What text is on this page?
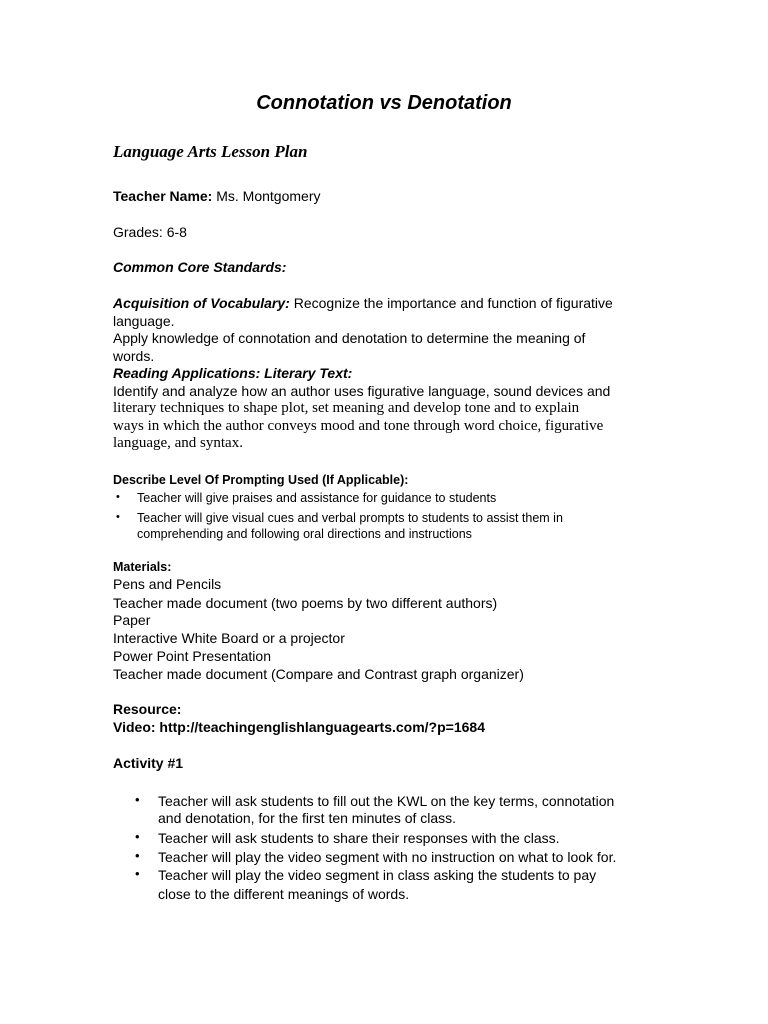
Connotation vs Denotation
Language Arts Lesson Plan
Teacher Name: Ms. Montgomery
Grades: 6-8
Common Core Standards:
Acquisition of Vocabulary: Recognize the importance and function of figurative
language.
Apply knowledge of connotation and denotation to determine the meaning of
words.
Reading Applications: Literary Text:
Identify and analyze how an author uses figurative language, sound devices and
literary techniques to shape plot, set meaning and develop tone and to explain
ways in which the author conveys mood and tone through word choice, figurative
language, and syntax.
Describe Level Of Prompting Used (If Applicable):
• Teacher will give praises and assistance for guidance to students
• Teacher will give visual cues and verbal prompts to students to assist them in
comprehending and following oral directions and instructions
Materials:
Pens and Pencils
Teacher made document (two poems by two different authors)
Paper
Interactive White Board or a projector
Power Point Presentation
Teacher made document (Compare and Contrast graph organizer)
Resource:
Video: http://teachingenglishlanguagearts.com/?p=1684
Activity #1
• Teacher will ask students to fill out the KWL on the key terms, connotation
and denotation, for the first ten minutes of class.
• Teacher will ask students to share their responses with the class.
• Teacher will play the video segment with no instruction on what to look for.
• Teacher will play the video segment in class asking the students to pay
close to the different meanings of words.
